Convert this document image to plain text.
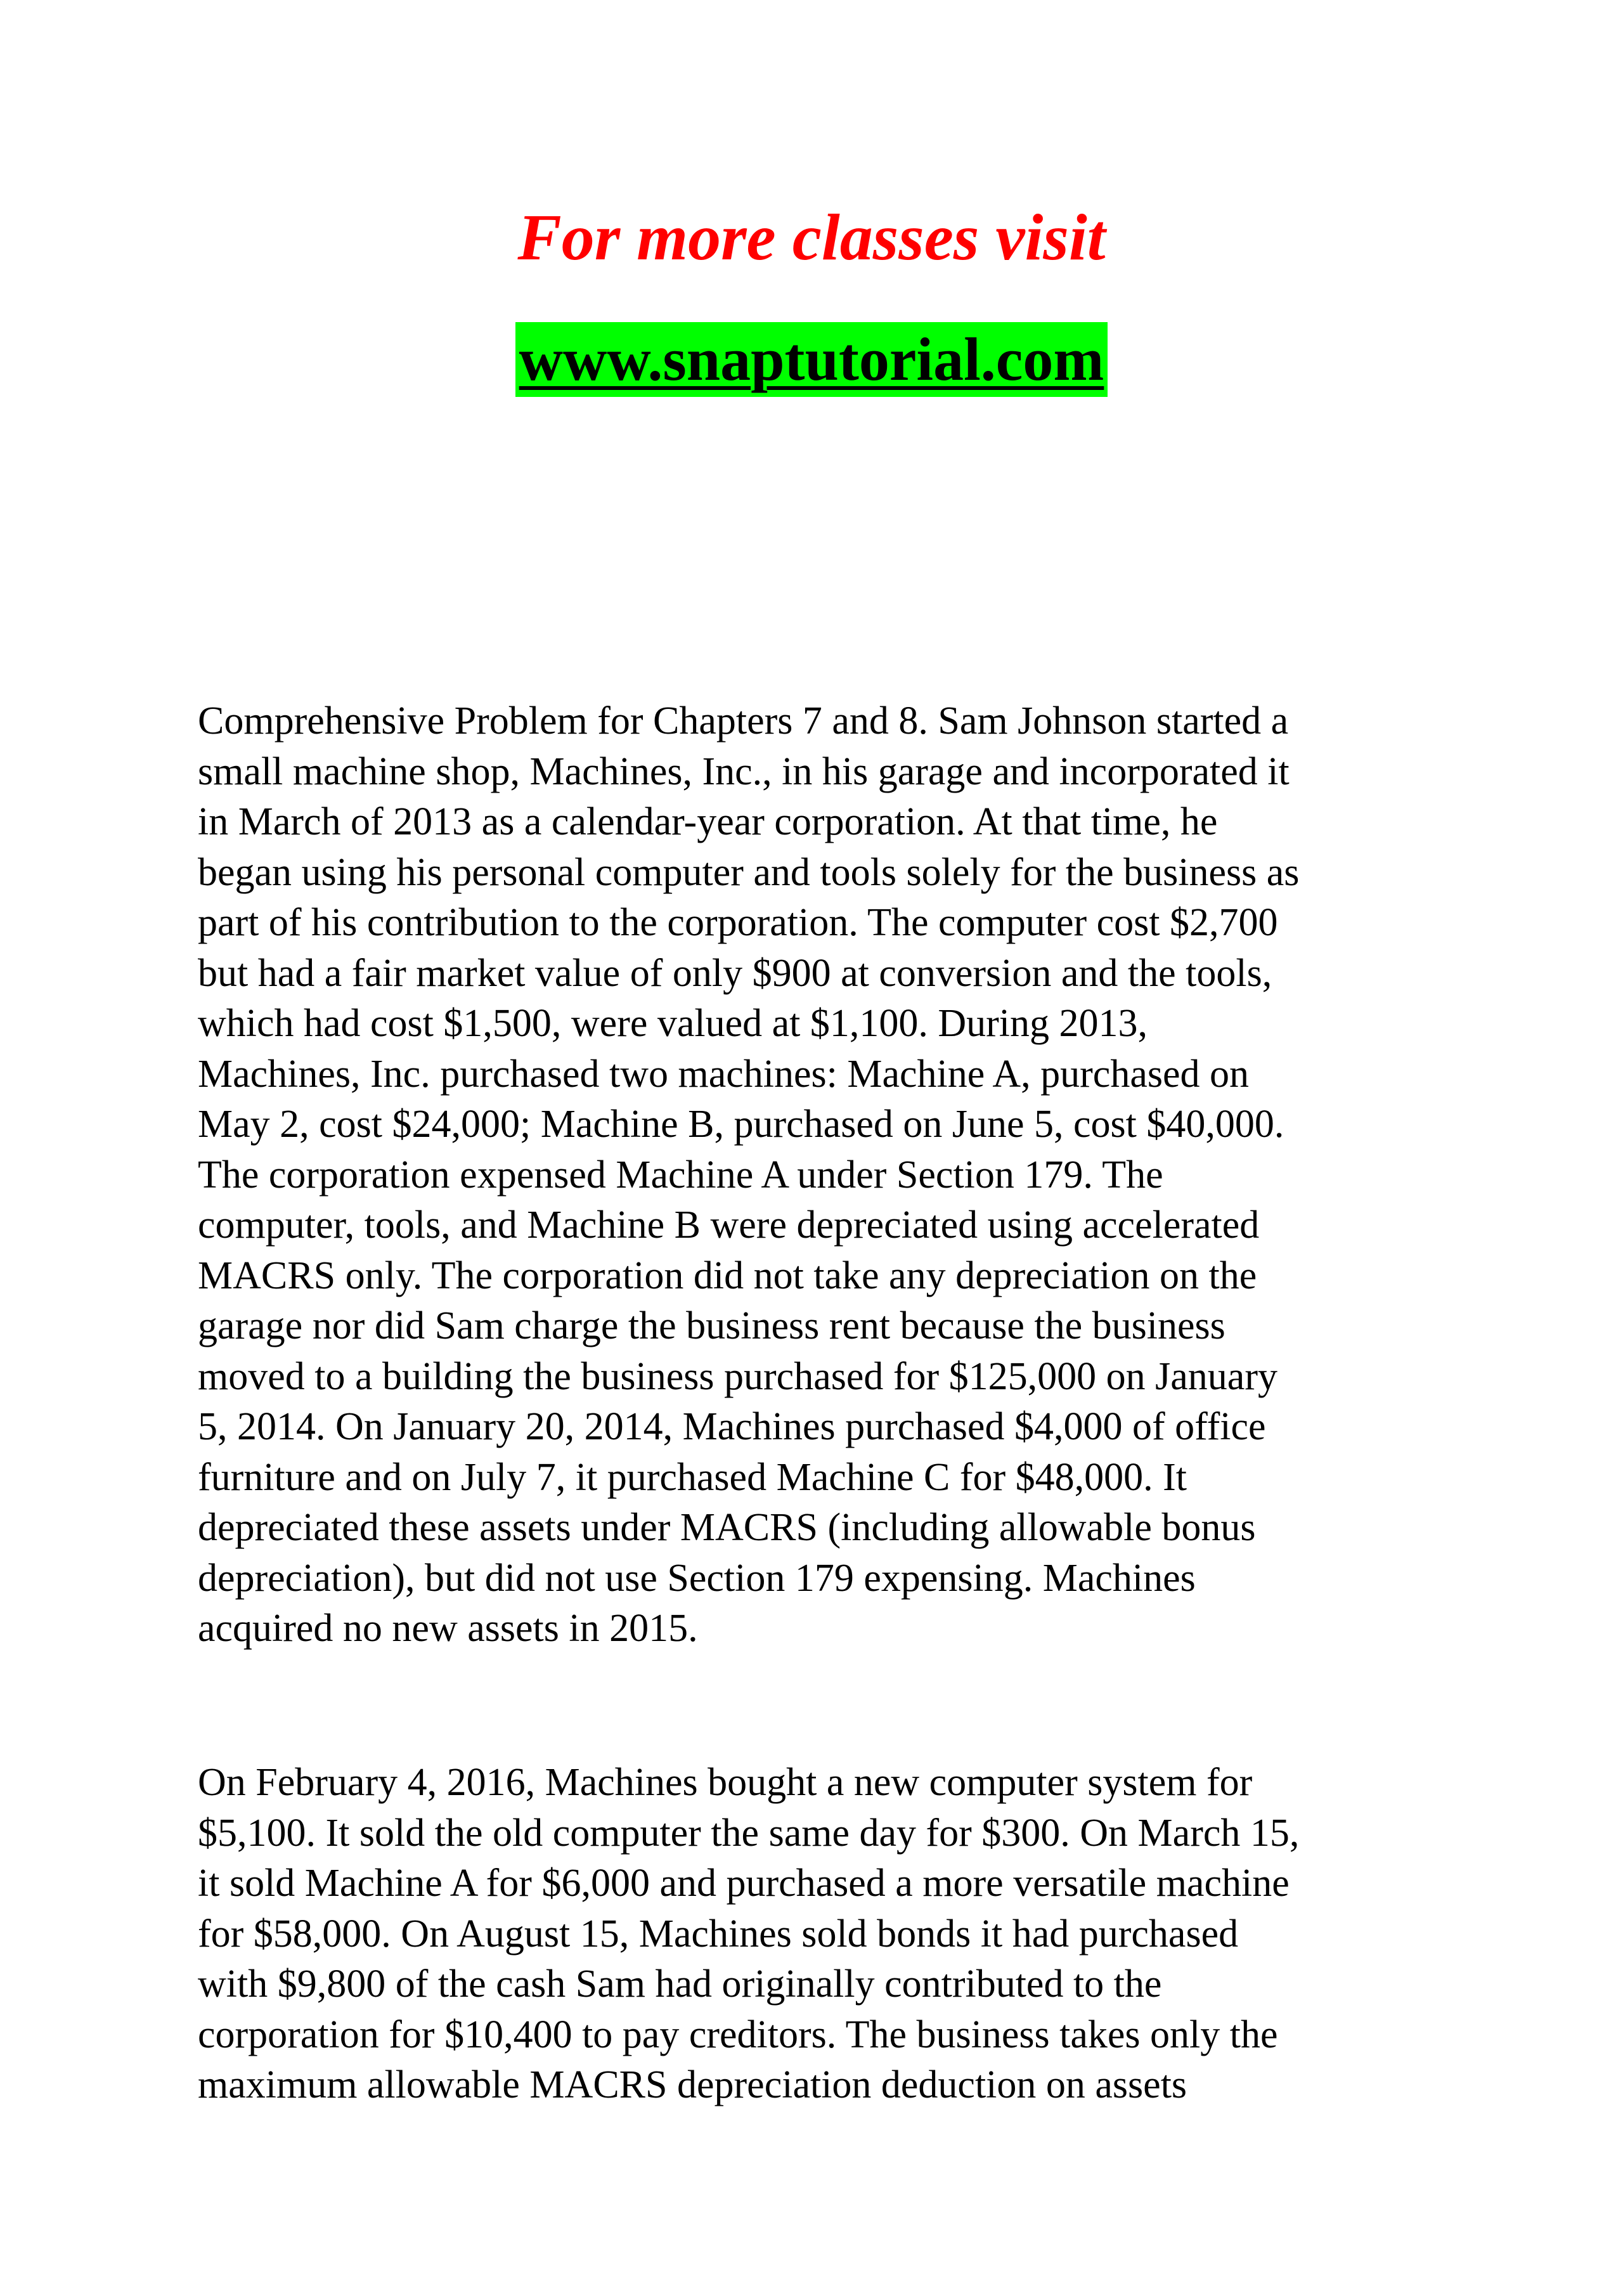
For more classes visit
www.snaptutorial.com

Comprehensive Problem for Chapters 7 and 8. Sam Johnson started a
small machine shop, Machines, Inc., in his garage and incorporated it
in March of 2013 as a calendar-year corporation. At that time, he
began using his personal computer and tools solely for the business as
part of his contribution to the corporation. The computer cost $2,700
but had a fair market value of only $900 at conversion and the tools,
which had cost $1,500, were valued at $1,100. During 2013,
Machines, Inc. purchased two machines: Machine A, purchased on
May 2, cost $24,000; Machine B, purchased on June 5, cost $40,000.
The corporation expensed Machine A under Section 179. The
computer, tools, and Machine B were depreciated using accelerated
MACRS only. The corporation did not take any depreciation on the
garage nor did Sam charge the business rent because the business
moved to a building the business purchased for $125,000 on January
5, 2014. On January 20, 2014, Machines purchased $4,000 of office
furniture and on July 7, it purchased Machine C for $48,000. It
depreciated these assets under MACRS (including allowable bonus
depreciation), but did not use Section 179 expensing. Machines
acquired no new assets in 2015.

On February 4, 2016, Machines bought a new computer system for
$5,100. It sold the old computer the same day for $300. On March 15,
it sold Machine A for $6,000 and purchased a more versatile machine
for $58,000. On August 15, Machines sold bonds it had purchased
with $9,800 of the cash Sam had originally contributed to the
corporation for $10,400 to pay creditors. The business takes only the
maximum allowable MACRS depreciation deduction on assets
